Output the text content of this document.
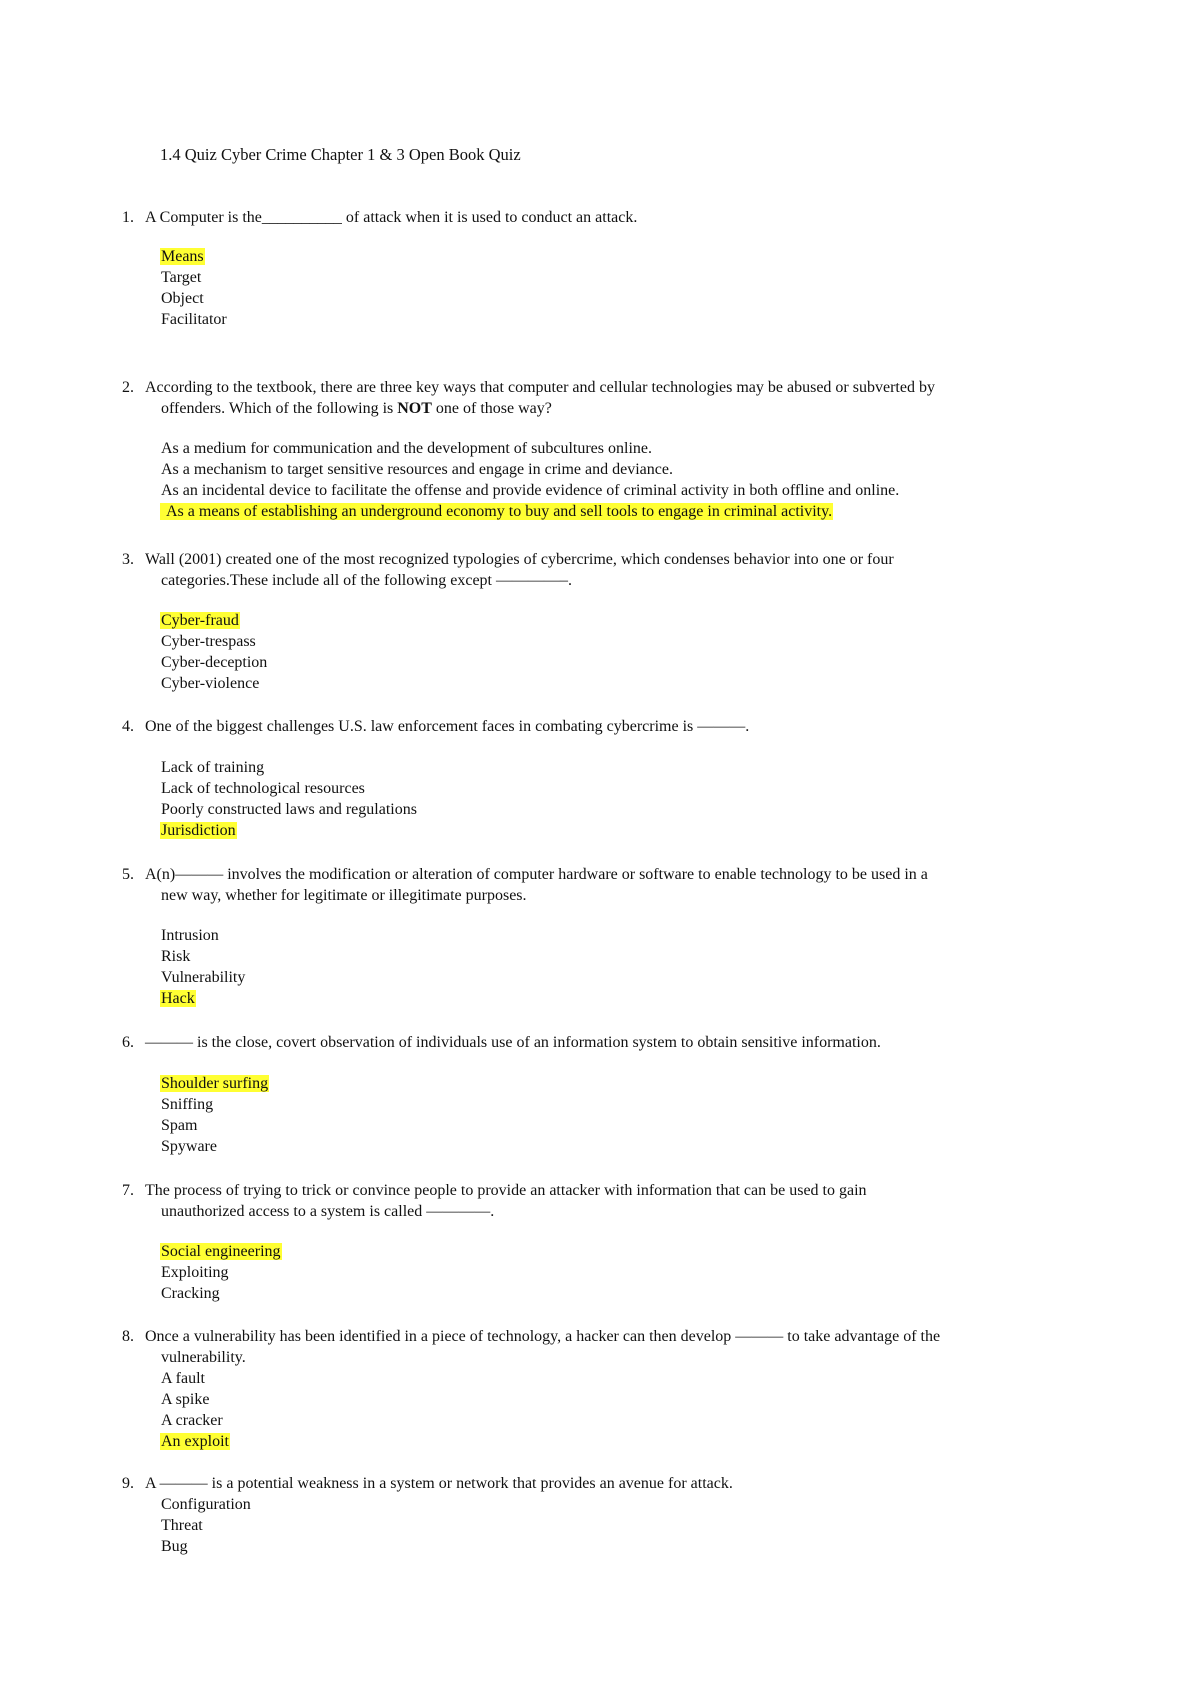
1.4 Quiz Cyber Crime Chapter 1 & 3 Open Book Quiz
1. A Computer is the__________ of attack when it is used to conduct an attack.
Means
Target
Object
Facilitator
2. According to the textbook, there are three key ways that computer and cellular technologies may be abused or subverted by
offenders. Which of the following is NOT one of those way?
As a medium for communication and the development of subcultures online.
As a mechanism to target sensitive resources and engage in crime and deviance.
As an incidental device to facilitate the offense and provide evidence of criminal activity in both offline and online.
As a means of establishing an underground economy to buy and sell tools to engage in criminal activity.
3. Wall (2001) created one of the most recognized typologies of cybercrime, which condenses behavior into one or four
categories.These include all of the following except ————–.
Cyber-fraud
Cyber-trespass
Cyber-deception
Cyber-violence
4. One of the biggest challenges U.S. law enforcement faces in combating cybercrime is ———.
Lack of training
Lack of technological resources
Poorly constructed laws and regulations
Jurisdiction
5. A(n)——— involves the modification or alteration of computer hardware or software to enable technology to be used in a
new way, whether for legitimate or illegitimate purposes.
Intrusion
Risk
Vulnerability
Hack
6. ——— is the close, covert observation of individuals use of an information system to obtain sensitive information.
Shoulder surfing
Sniffing
Spam
Spyware
7. The process of trying to trick or convince people to provide an attacker with information that can be used to gain
unauthorized access to a system is called ————.
Social engineering
Exploiting
Cracking
8. Once a vulnerability has been identified in a piece of technology, a hacker can then develop ——— to take advantage of the
vulnerability.
A fault
A spike
A cracker
An exploit
9. A ——— is a potential weakness in a system or network that provides an avenue for attack.
Configuration
Threat
Bug
